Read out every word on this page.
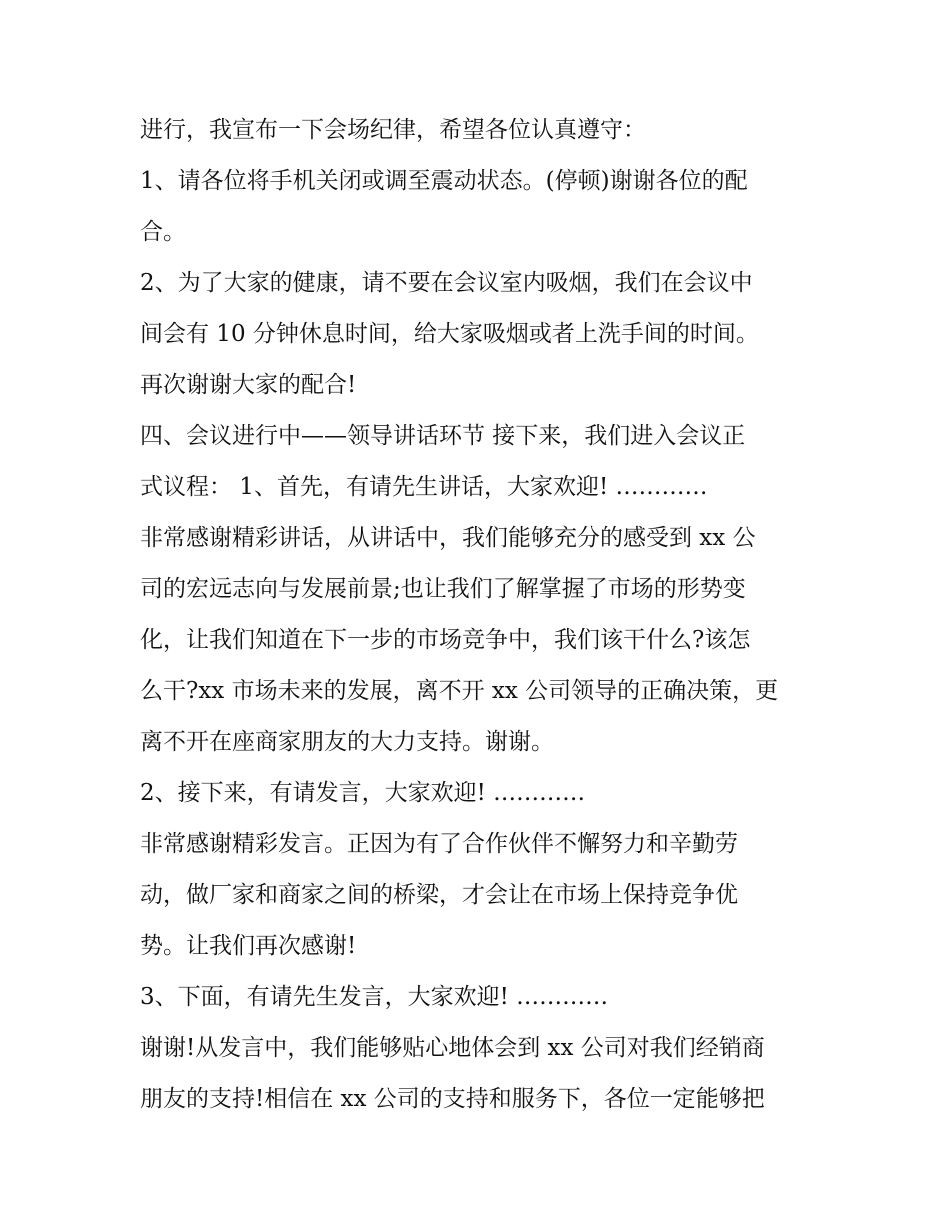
进行，我宣布一下会场纪律，希望各位认真遵守：
1、请各位将手机关闭或调至震动状态。(停顿)谢谢各位的配
合。
2、为了大家的健康，请不要在会议室内吸烟，我们在会议中
间会有 10 分钟休息时间，给大家吸烟或者上洗手间的时间。
再次谢谢大家的配合!
四、会议进行中——领导讲话环节 接下来，我们进入会议正
式议程： 1、首先，有请先生讲话，大家欢迎! …………
非常感谢精彩讲话，从讲话中，我们能够充分的感受到 xx 公
司的宏远志向与发展前景;也让我们了解掌握了市场的形势变
化，让我们知道在下一步的市场竞争中，我们该干什么?该怎
么干?xx 市场未来的发展，离不开 xx 公司领导的正确决策，更
离不开在座商家朋友的大力支持。谢谢。
2、接下来，有请发言，大家欢迎! …………
非常感谢精彩发言。正因为有了合作伙伴不懈努力和辛勤劳
动，做厂家和商家之间的桥梁，才会让在市场上保持竞争优
势。让我们再次感谢!
3、下面，有请先生发言，大家欢迎! …………
谢谢!从发言中，我们能够贴心地体会到 xx 公司对我们经销商
朋友的支持!相信在 xx 公司的支持和服务下，各位一定能够把
